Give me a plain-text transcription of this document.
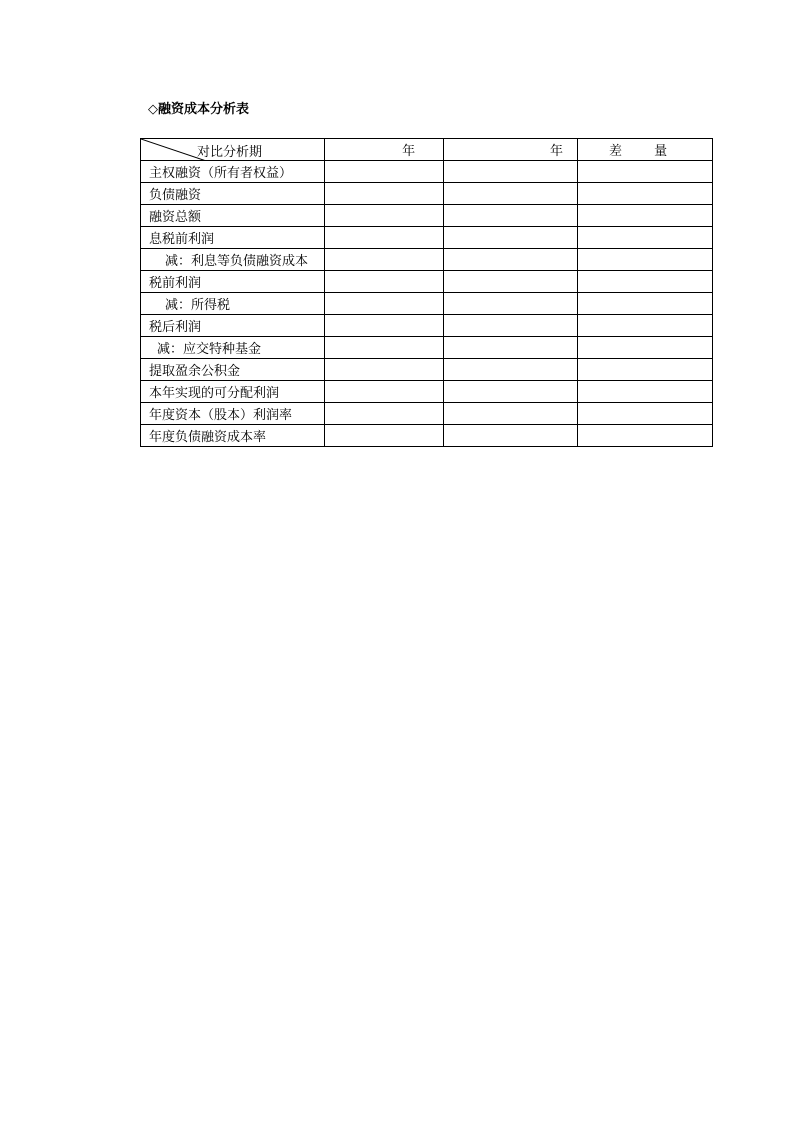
◇融资成本分析表
对比分析期	年	年	差 量
主权融资（所有者权益）			
负债融资			
融资总额			
息税前利润			
减：利息等负债融资成本			
税前利润			
减：所得税			
税后利润			
减：应交特种基金			
提取盈余公积金			
本年实现的可分配利润			
年度资本（股本）利润率			
年度负债融资成本率			
